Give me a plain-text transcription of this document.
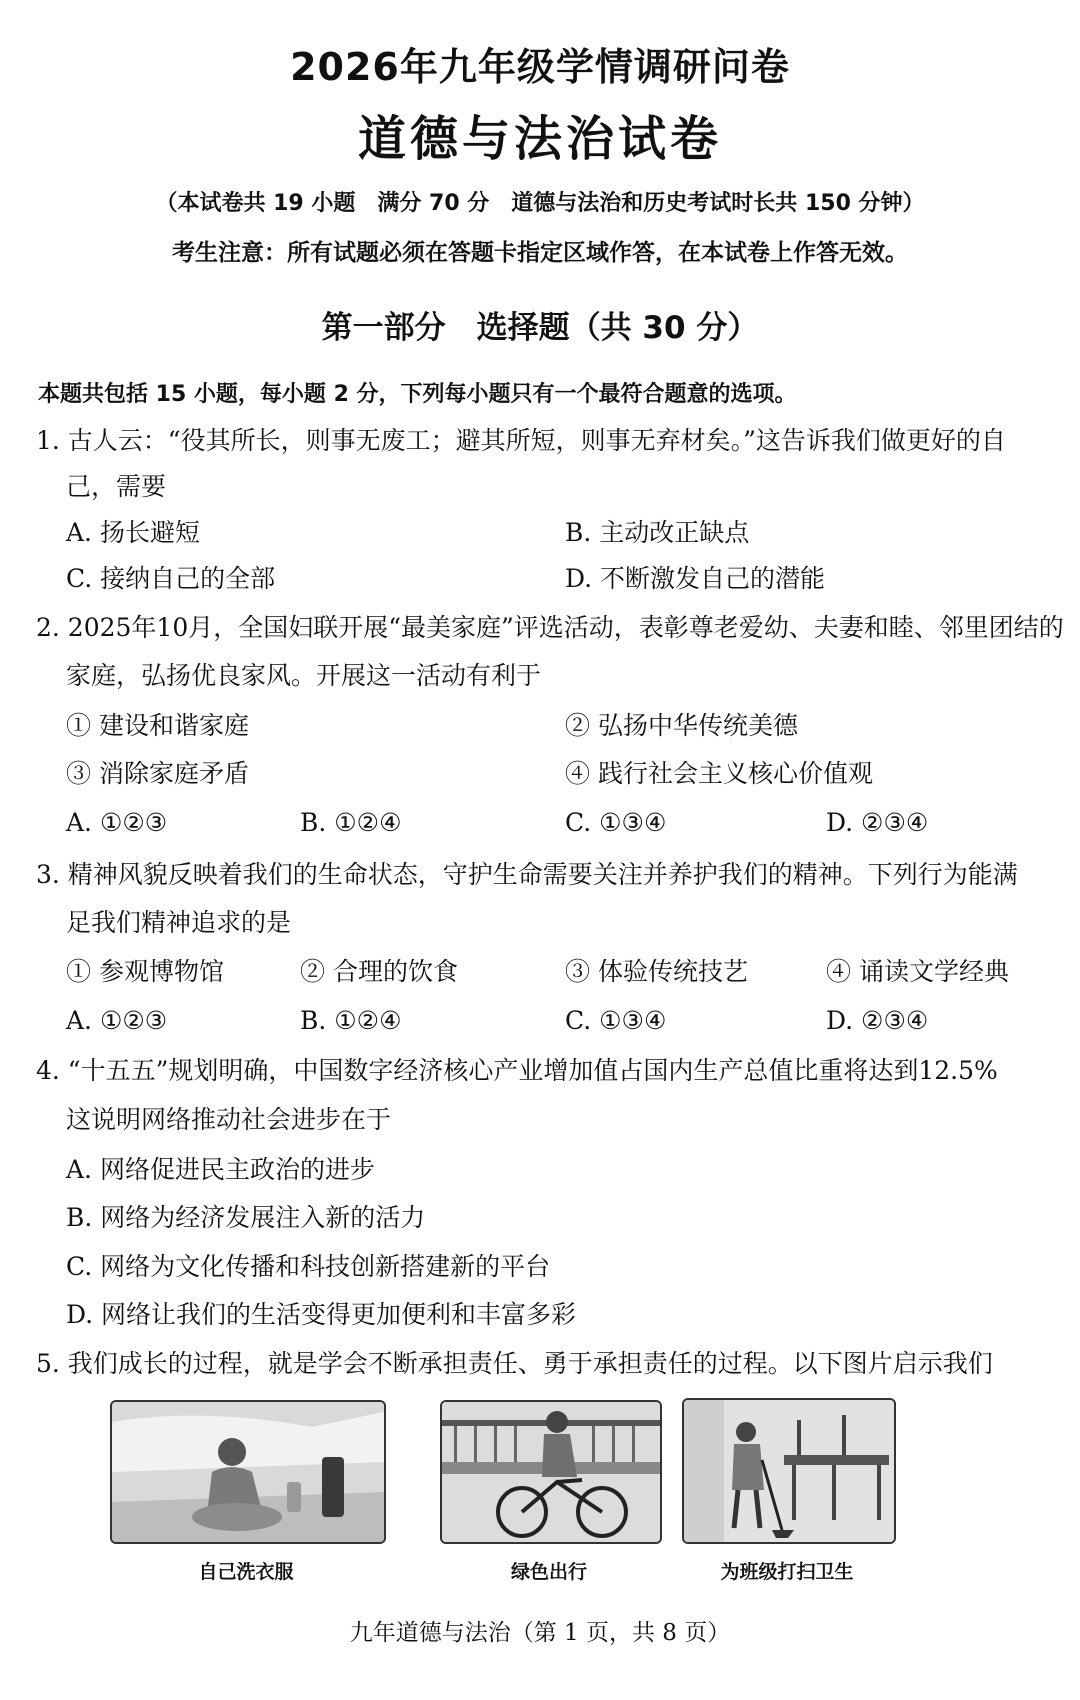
2026年九年级学情调研问卷
道德与法治试卷
（本试卷共 19 小题　满分 70 分　道德与法治和历史考试时长共 150 分钟）
考生注意：所有试题必须在答题卡指定区域作答，在本试卷上作答无效。
第一部分　选择题（共 30 分）
本题共包括 15 小题，每小题 2 分，下列每小题只有一个最符合题意的选项。
1. 古人云：“役其所长，则事无废工；避其所短，则事无弃材矣。”这告诉我们做更好的自
己，需要
A. 扬长避短	B. 主动改正缺点
C. 接纳自己的全部	D. 不断激发自己的潜能
2. 2025年10月，全国妇联开展“最美家庭”评选活动，表彰尊老爱幼、夫妻和睦、邻里团结的
家庭，弘扬优良家风。开展这一活动有利于
① 建设和谐家庭	② 弘扬中华传统美德
③ 消除家庭矛盾	④ 践行社会主义核心价值观
A. ①②③	B. ①②④	C. ①③④	D. ②③④
3. 精神风貌反映着我们的生命状态，守护生命需要关注并养护我们的精神。下列行为能满
足我们精神追求的是
① 参观博物馆	② 合理的饮食	③ 体验传统技艺	④ 诵读文学经典
A. ①②③	B. ①②④	C. ①③④	D. ②③④
4. “十五五”规划明确，中国数字经济核心产业增加值占国内生产总值比重将达到12.5%
这说明网络推动社会进步在于
A. 网络促进民主政治的进步
B. 网络为经济发展注入新的活力
C. 网络为文化传播和科技创新搭建新的平台
D. 网络让我们的生活变得更加便利和丰富多彩
5. 我们成长的过程，就是学会不断承担责任、勇于承担责任的过程。以下图片启示我们
自己洗衣服	绿色出行	为班级打扫卫生
九年道德与法治（第 1 页，共 8 页）
